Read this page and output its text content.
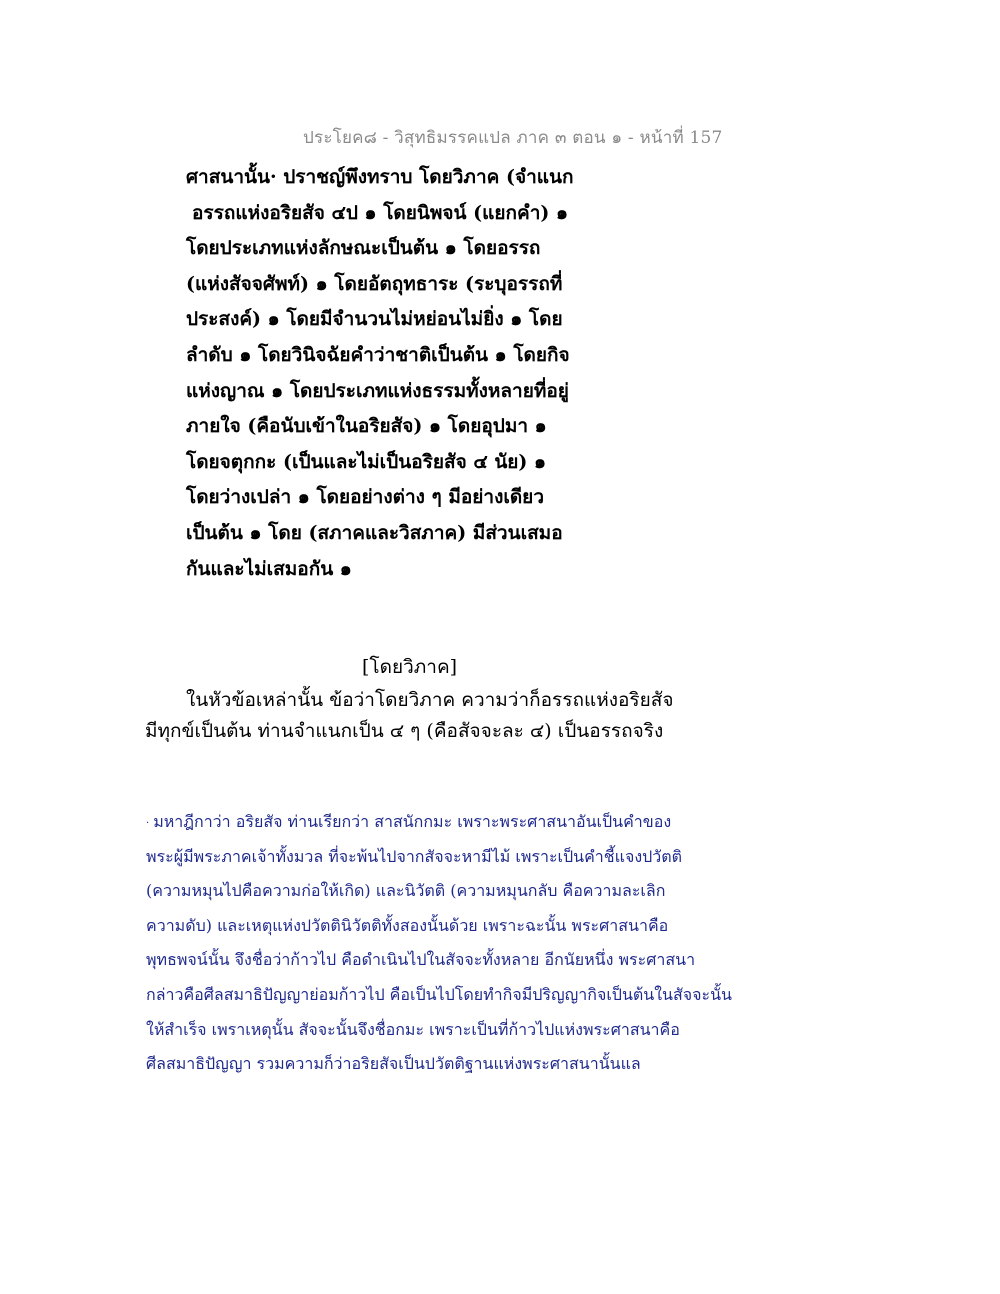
ประโยค๘ - วิสุทธิมรรคแปล ภาค ๓ ตอน ๑ - หน้าที่ 157
ศาสนานั้น· ปราชญ์พึงทราบ โดยวิภาค (จำแนก
อรรถแห่งอริยสัจ ๔ป ๑ โดยนิพจน์ (แยกคำ) ๑
โดยประเภทแห่งลักษณะเป็นต้น ๑ โดยอรรถ
(แห่งสัจจศัพท์) ๑ โดยอัตถุทธาระ (ระบุอรรถที่
ประสงค์) ๑ โดยมีจำนวนไม่หย่อนไม่ยิ่ง ๑ โดย
ลำดับ ๑ โดยวินิจฉัยคำว่าชาติเป็นต้น ๑ โดยกิจ
แห่งญาณ ๑ โดยประเภทแห่งธรรมทั้งหลายที่อยู่
ภายใจ (คือนับเข้าในอริยสัจ) ๑ โดยอุปมา ๑
โดยจตุกกะ (เป็นและไม่เป็นอริยสัจ ๔ นัย) ๑
โดยว่างเปล่า ๑ โดยอย่างต่าง ๆ มีอย่างเดียว
เป็นต้น ๑ โดย (สภาคและวิสภาค) มีส่วนเสมอ
กันและไม่เสมอกัน ๑
[โดยวิภาค]
ในหัวข้อเหล่านั้น ข้อว่าโดยวิภาค ความว่าก็อรรถแห่งอริยสัจ
มีทุกข์เป็นต้น ท่านจำแนกเป็น ๔ ๆ (คือสัจจะละ ๔) เป็นอรรถจริง
· มหาฎีกาว่า อริยสัจ ท่านเรียกว่า สาสนักกมะ เพราะพระศาสนาอันเป็นคำของ
พระผู้มีพระภาคเจ้าทั้งมวล ที่จะพ้นไปจากสัจจะหามีไม้ เพราะเป็นคำชี้แจงปวัตติ
(ความหมุนไปคือความก่อให้เกิด) และนิวัตติ (ความหมุนกลับ คือความละเลิก
ความดับ) และเหตุแห่งปวัตตินิวัตติทั้งสองนั้นด้วย เพราะฉะนั้น พระศาสนาคือ
พุทธพจน์นั้น จึงชื่อว่าก้าวไป คือดำเนินไปในสัจจะทั้งหลาย อีกนัยหนึ่ง พระศาสนา
กล่าวคือศีลสมาธิปัญญาย่อมก้าวไป คือเป็นไปโดยทำกิจมีปริญญากิจเป็นต้นในสัจจะนั้น
ให้สำเร็จ เพราเหตุนั้น สัจจะนั้นจึงชื่อกมะ เพราะเป็นที่ก้าวไปแห่งพระศาสนาคือ
ศีลสมาธิปัญญา รวมความก็ว่าอริยสัจเป็นปวัตติฐานแห่งพระศาสนานั้นแล
